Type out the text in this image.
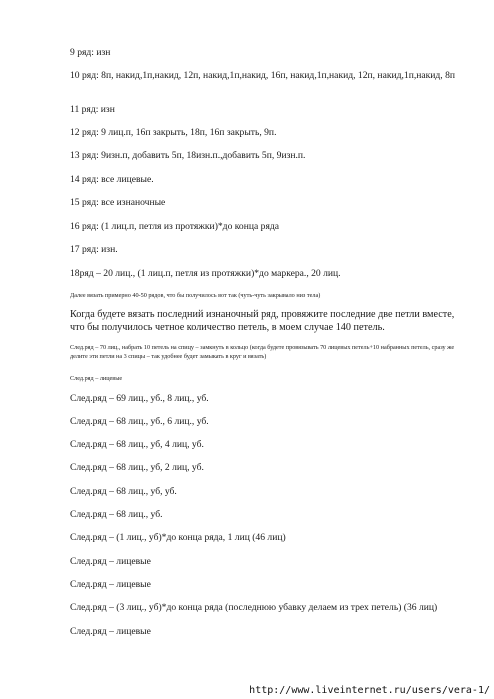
9 ряд: изн
10 ряд: 8п, накид,1п,накид, 12п, накид,1п,накид, 16п, накид,1п,накид, 12п, накид,1п,накид, 8п
11 ряд: изн
12 ряд: 9 лиц.п, 16п закрыть, 18п, 16п закрыть, 9п.
13 ряд: 9изн.п, добавить 5п, 18изн.п.,добавить 5п, 9изн.п.
14 ряд: все лицевые.
15 ряд: все изнаночные
16 ряд: (1 лиц.п, петля из протяжки)*до конца ряда
17 ряд: изн.
18ряд – 20 лиц., (1 лиц.п, петля из протяжки)*до маркера., 20 лиц.
Далее вязать примерно 40-50 рядов, что бы получилось вот так (чуть-чуть закрывало низ тела)
Когда будете вязать последний изнаночный ряд, провяжите последние две петли вместе, что бы получилось четное количество петель, в моем случае 140 петель.
След.ряд – 70 лиц., набрать 10 петель на спицу – замкнуть в кольцо (когда будете провязывать 70 лицевых петель+10 набранных петель, сразу же делите эти петли на 3 спицы – так удобнее будет замыкать в круг и вязать)
След.ряд – лицевые
След.ряд – 69 лиц., уб., 8 лиц., уб.
След.ряд – 68 лиц., уб., 6 лиц., уб.
След.ряд – 68 лиц., уб, 4 лиц, уб.
След.ряд – 68 лиц., уб, 2 лиц, уб.
След.ряд – 68 лиц., уб, уб.
След.ряд – 68 лиц., уб.
След.ряд – (1 лиц., уб)*до конца ряда, 1 лиц (46 лиц)
След.ряд – лицевые
След.ряд – лицевые
След.ряд – (3 лиц., уб)*до конца ряда (последнюю убавку делаем из трех петель) (36 лиц)
След.ряд – лицевые
http://www.liveinternet.ru/users/vera-1/
